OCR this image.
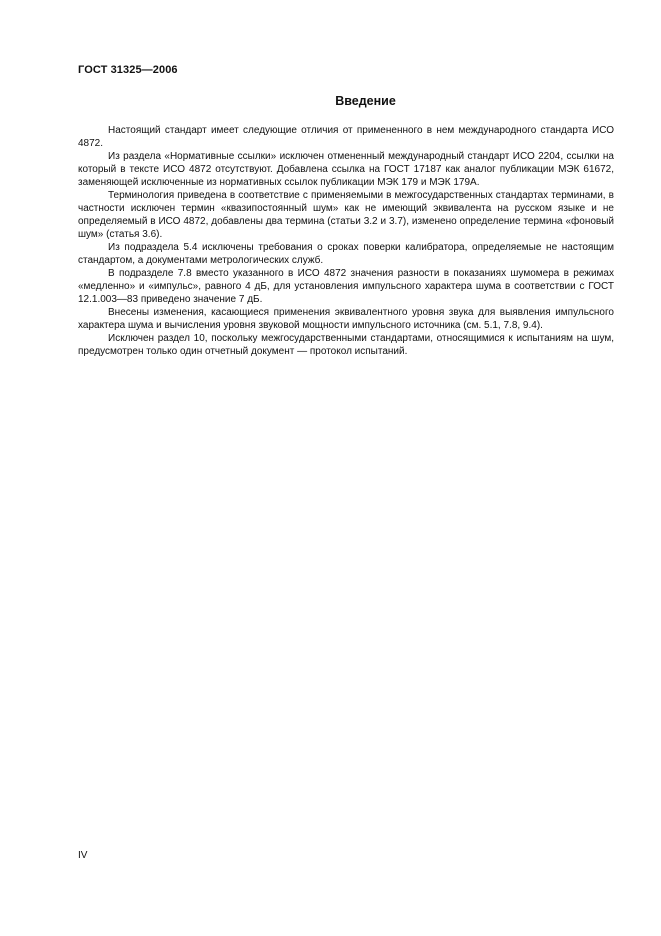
ГОСТ 31325—2006
Введение

Настоящий стандарт имеет следующие отличия от примененного в нем международного стандарта ИСО 4872.

Из раздела «Нормативные ссылки» исключен отмененный международный стандарт ИСО 2204, ссылки на который в тексте ИСО 4872 отсутствуют. Добавлена ссылка на ГОСТ 17187 как аналог публикации МЭК 61672, заменяющей исключенные из нормативных ссылок публикации МЭК 179 и МЭК 179А.

Терминология приведена в соответствие с применяемыми в межгосударственных стандартах терминами, в частности исключен термин «квазипостоянный шум» как не имеющий эквивалента на русском языке и не определяемый в ИСО 4872, добавлены два термина (статьи 3.2 и 3.7), изменено определение термина «фоновый шум» (статья 3.6).

Из подраздела 5.4 исключены требования о сроках поверки калибратора, определяемые не настоящим стандартом, а документами метрологических служб.

В подразделе 7.8 вместо указанного в ИСО 4872 значения разности в показаниях шумомера в режимах «медленно» и «импульс», равного 4 дБ, для установления импульсного характера шума в соответствии с ГОСТ 12.1.003—83 приведено значение 7 дБ.

Внесены изменения, касающиеся применения эквивалентного уровня звука для выявления импульсного характера шума и вычисления уровня звуковой мощности импульсного источника (см. 5.1, 7.8, 9.4).

Исключен раздел 10, поскольку межгосударственными стандартами, относящимися к испытаниям на шум, предусмотрен только один отчетный документ — протокол испытаний.

IV
